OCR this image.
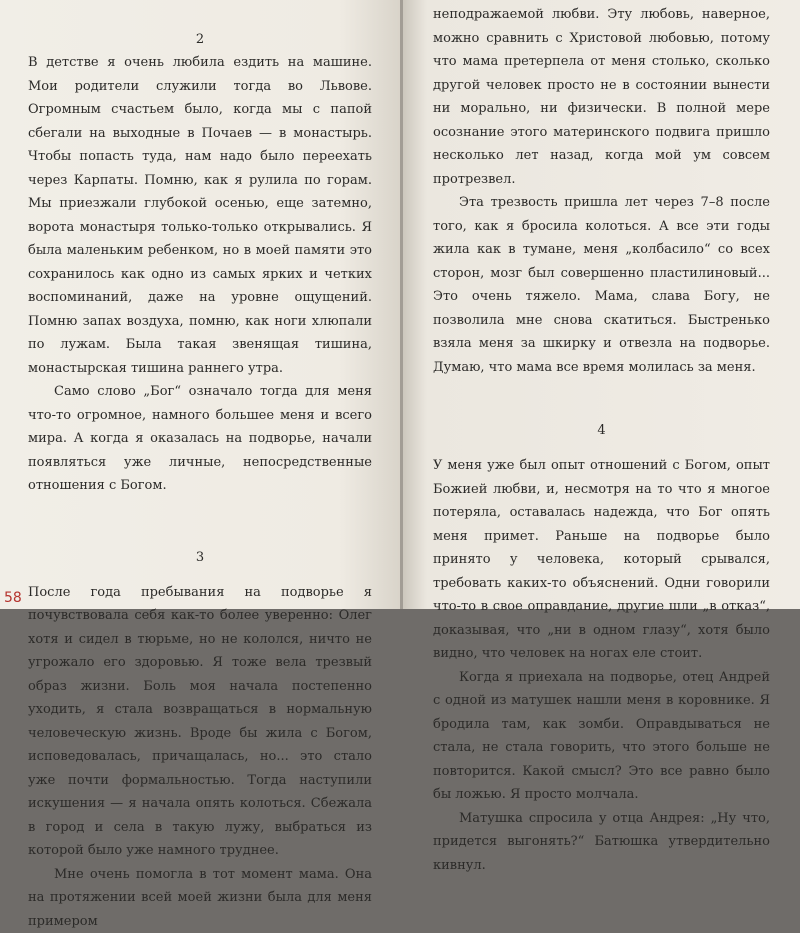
2

В детстве я очень любила ездить на машине. Мои родители служили тогда во Львове. Огромным счастьем было, когда мы с папой сбегали на выходные в Почаев — в монастырь. Чтобы попасть туда, нам надо было переехать через Карпаты. Помню, как я рулила по горам. Мы приезжали глубокой осенью, еще затемно, ворота монастыря только-только открывались. Я была маленьким ребенком, но в моей памяти это сохранилось как одно из самых ярких и четких воспоминаний, даже на уровне ощущений. Помню запах воздуха, помню, как ноги хлюпали по лужам. Была такая звенящая тишина, монастырская тишина раннего утра.

Само слово „Бог“ означало тогда для меня что-то огромное, намного большее меня и всего мира. А когда я оказалась на подворье, начали появляться уже личные, непосредственные отношения с Богом.

3

После года пребывания на подворье я почувствовала себя как-то более уверенно: Олег хотя и сидел в тюрьме, но не кололся, ничто не угрожало его здоровью. Я тоже вела трезвый образ жизни. Боль моя начала постепенно уходить, я стала возвращаться в нормальную человеческую жизнь. Вроде бы жила с Богом, исповедовалась, причащалась, но... это стало уже почти формальностью. Тогда наступили искушения — я начала опять колоться. Сбежала в город и села в такую лужу, выбраться из которой было уже намного труднее.

Мне очень помогла в тот момент мама. Она на протяжении всей моей жизни была для меня примером

58

неподражаемой любви. Эту любовь, наверное, можно сравнить с Христовой любовью, потому что мама претерпела от меня столько, сколько другой человек просто не в состоянии вынести ни морально, ни физически. В полной мере осознание этого материнского подвига пришло несколько лет назад, когда мой ум совсем протрезвел.

Эта трезвость пришла лет через 7–8 после того, как я бросила колоться. А все эти годы жила как в тумане, меня „колбасило“ со всех сторон, мозг был совершенно пластилиновый... Это очень тяжело. Мама, слава Богу, не позволила мне снова скатиться. Быстренько взяла меня за шкирку и отвезла на подворье. Думаю, что мама все время молилась за меня.

4

У меня уже был опыт отношений с Богом, опыт Божией любви, и, несмотря на то что я многое потеряла, оставалась надежда, что Бог опять меня примет. Раньше на подворье было принято у человека, который срывался, требовать каких-то объяснений. Одни говорили что-то в свое оправдание, другие шли „в отказ“, доказывая, что „ни в одном глазу“, хотя было видно, что человек на ногах еле стоит.

Когда я приехала на подворье, отец Андрей с одной из матушек нашли меня в коровнике. Я бродила там, как зомби. Оправдываться не стала, не стала говорить, что этого больше не повторится. Какой смысл? Это все равно было бы ложью. Я просто молчала.

Матушка спросила у отца Андрея: „Ну что, придется выгонять?“ Батюшка утвердительно кивнул.
